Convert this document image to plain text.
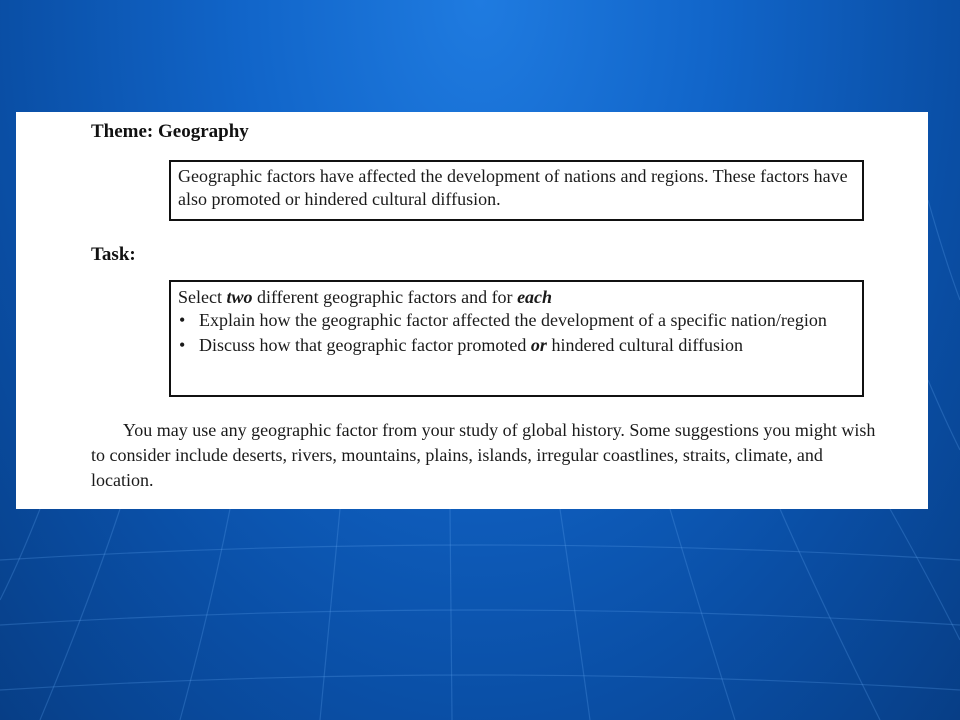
Theme: Geography
Geographic factors have affected the development of nations and regions. These factors have also promoted or hindered cultural diffusion.
Task:
Select two different geographic factors and for each
• Explain how the geographic factor affected the development of a specific nation/region
• Discuss how that geographic factor promoted or hindered cultural diffusion

You may use any geographic factor from your study of global history. Some suggestions you might wish to consider include deserts, rivers, mountains, plains, islands, irregular coastlines, straits, climate, and location.
